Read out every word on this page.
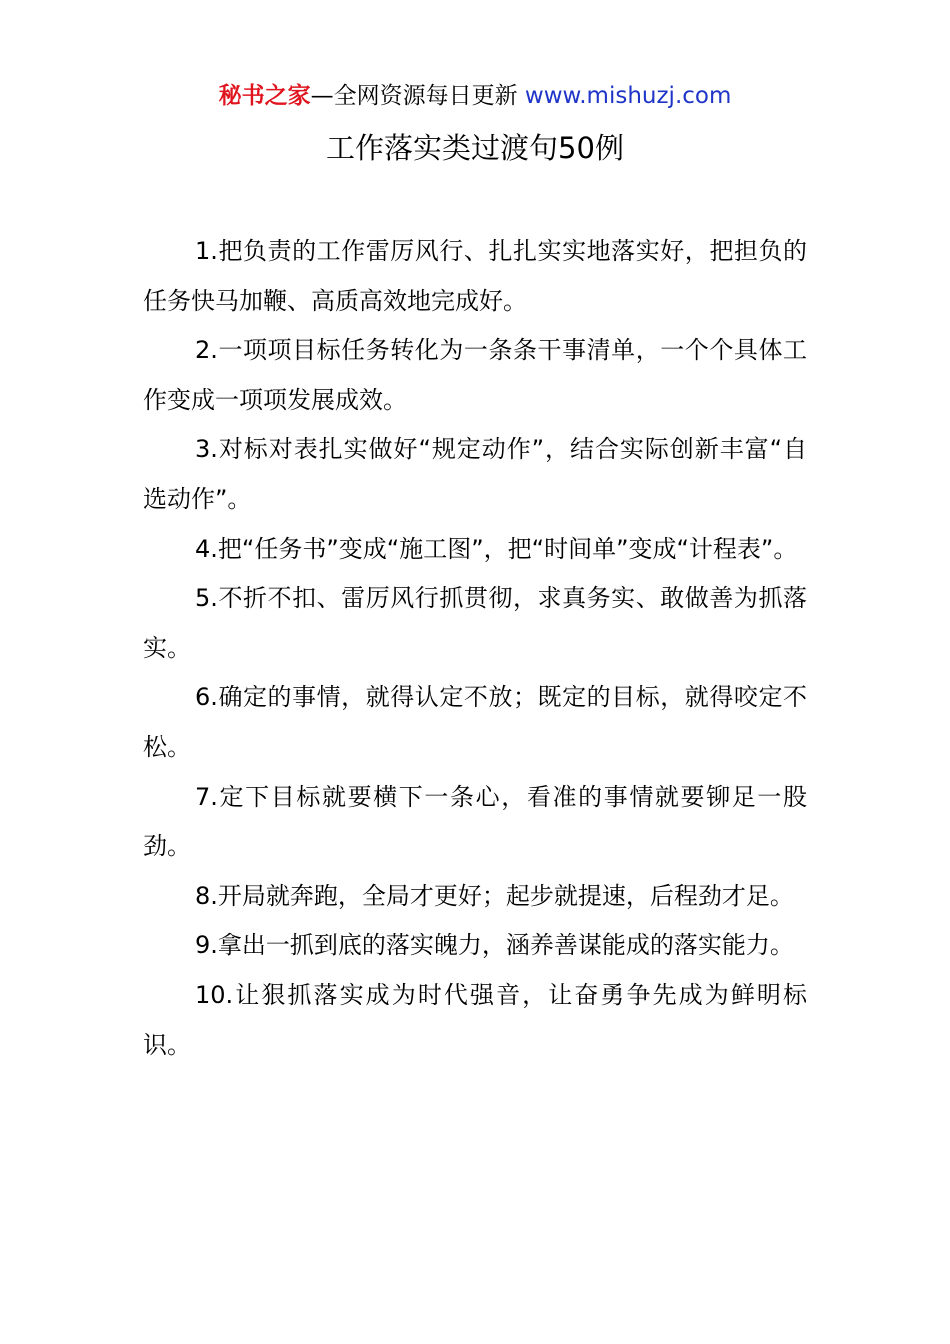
秘书之家—全网资源每日更新 www.mishuzj.com
工作落实类过渡句50例

1.把负责的工作雷厉风行、扎扎实实地落实好，把担负的任务快马加鞭、高质高效地完成好。

2.一项项目标任务转化为一条条干事清单，一个个具体工作变成一项项发展成效。

3.对标对表扎实做好“规定动作”，结合实际创新丰富“自选动作”。

4.把“任务书”变成“施工图”，把“时间单”变成“计程表”。

5.不折不扣、雷厉风行抓贯彻，求真务实、敢做善为抓落实。

6.确定的事情，就得认定不放；既定的目标，就得咬定不松。

7.定下目标就要横下一条心，看准的事情就要铆足一股劲。

8.开局就奔跑，全局才更好；起步就提速，后程劲才足。

9.拿出一抓到底的落实魄力，涵养善谋能成的落实能力。

10.让狠抓落实成为时代强音，让奋勇争先成为鲜明标识。
